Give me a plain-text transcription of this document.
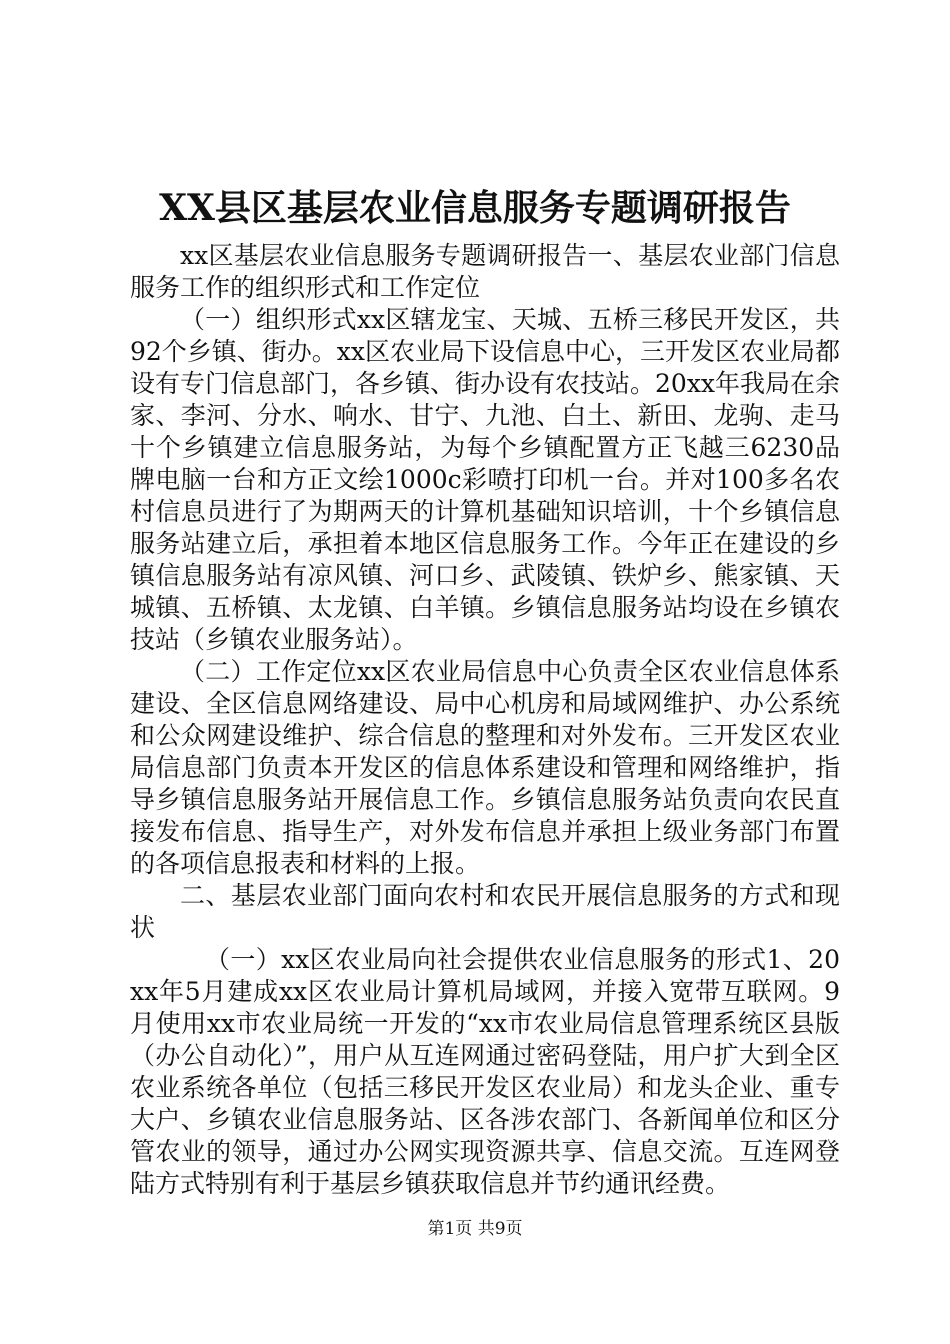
XX县区基层农业信息服务专题调研报告

xx区基层农业信息服务专题调研报告一、基层农业部门信息服务工作的组织形式和工作定位

（一）组织形式xx区辖龙宝、天城、五桥三移民开发区，共92个乡镇、街办。xx区农业局下设信息中心，三开发区农业局都设有专门信息部门，各乡镇、街办设有农技站。20xx年我局在余家、李河、分水、响水、甘宁、九池、白土、新田、龙驹、走马十个乡镇建立信息服务站，为每个乡镇配置方正飞越三6230品牌电脑一台和方正文绘1000c彩喷打印机一台。并对100多名农村信息员进行了为期两天的计算机基础知识培训，十个乡镇信息服务站建立后，承担着本地区信息服务工作。今年正在建设的乡镇信息服务站有凉风镇、河口乡、武陵镇、铁炉乡、熊家镇、天城镇、五桥镇、太龙镇、白羊镇。乡镇信息服务站均设在乡镇农技站（乡镇农业服务站）。

（二）工作定位xx区农业局信息中心负责全区农业信息体系建设、全区信息网络建设、局中心机房和局域网维护、办公系统和公众网建设维护、综合信息的整理和对外发布。三开发区农业局信息部门负责本开发区的信息体系建设和管理和网络维护，指导乡镇信息服务站开展信息工作。乡镇信息服务站负责向农民直接发布信息、指导生产，对外发布信息并承担上级业务部门布置的各项信息报表和材料的上报。

二、基层农业部门面向农村和农民开展信息服务的方式和现状

（一）xx区农业局向社会提供农业信息服务的形式1、20xx年5月建成xx区农业局计算机局域网，并接入宽带互联网。9月使用xx市农业局统一开发的“xx市农业局信息管理系统区县版（办公自动化）”，用户从互连网通过密码登陆，用户扩大到全区农业系统各单位（包括三移民开发区农业局）和龙头企业、重专大户、乡镇农业信息服务站、区各涉农部门、各新闻单位和区分管农业的领导，通过办公网实现资源共享、信息交流。互连网登陆方式特别有利于基层乡镇获取信息并节约通讯经费。

第1页 共9页
